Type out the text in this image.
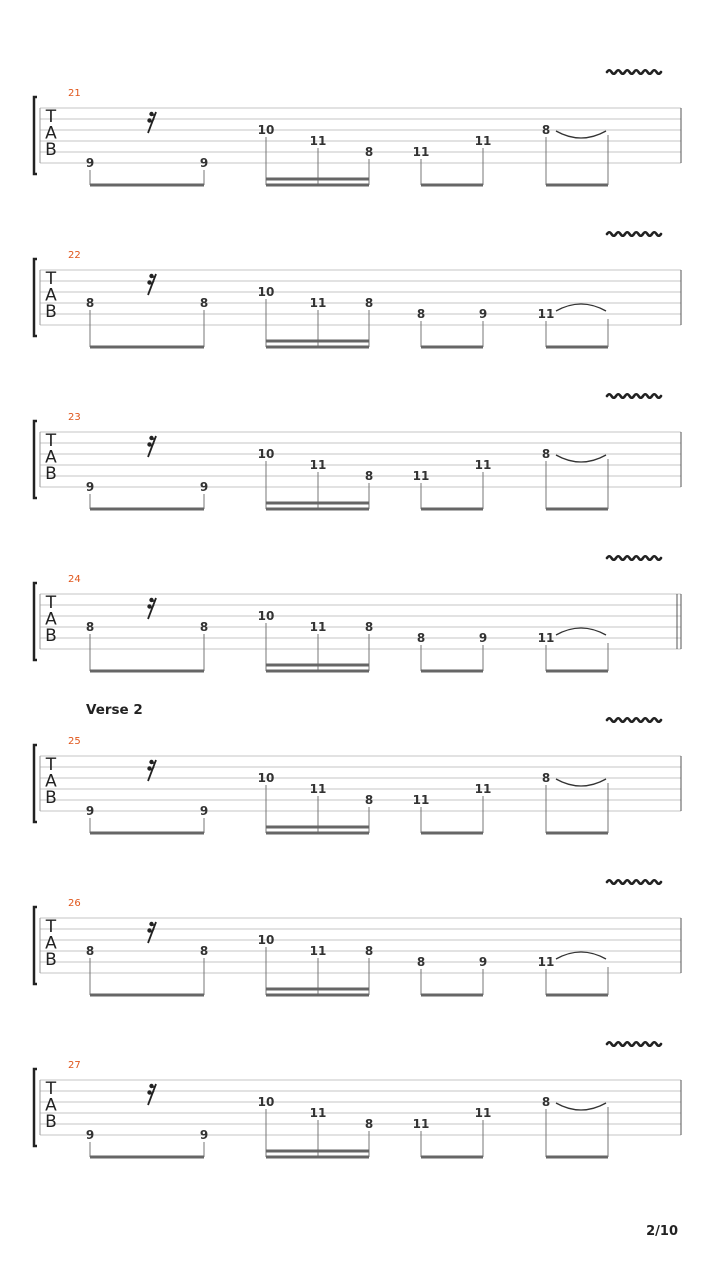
T
A
B
21
9	9
10
11
8	11
11
8
T
A
B
22
8	8
10
11	8
8	9	11
T
A
B
23
9	9
10
11
8	11
11
8
T
A
B
24
8	8
10
11	8
8	9	11
T
A
B
25
Verse 2
9	9
10
11
8	11
11
8
T
A
B
26
8	8
10
11	8
8	9	11
T
A
B
27
9	9
10
11
8	11
11
8
2/10
